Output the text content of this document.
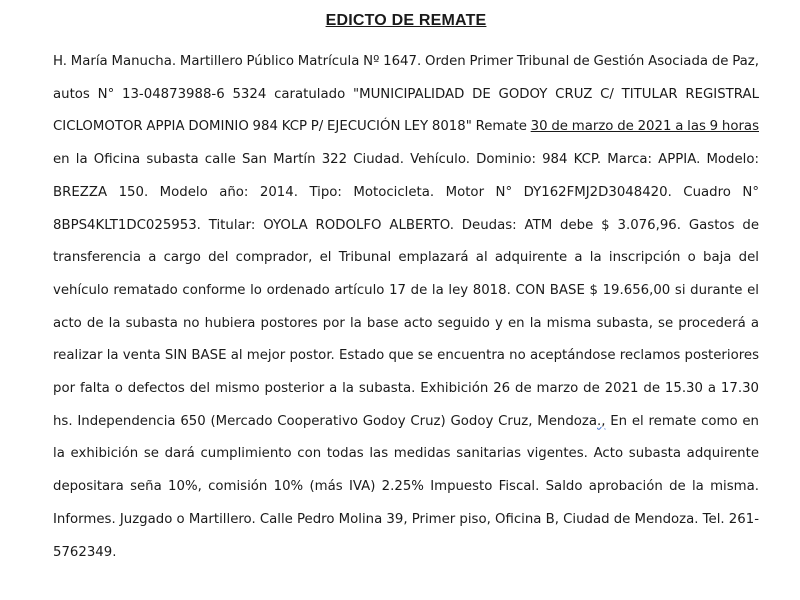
EDICTO DE REMATE

H. María Manucha. Martillero Público Matrícula Nº 1647. Orden Primer Tribunal de Gestión Asociada de Paz, autos N° 13-04873988-6 5324 caratulado "MUNICIPALIDAD DE GODOY CRUZ C/ TITULAR REGISTRAL CICLOMOTOR APPIA DOMINIO 984 KCP P/ EJECUCIÓN LEY 8018" Remate 30 de marzo de 2021 a las 9 horas en la Oficina subasta calle San Martín 322 Ciudad. Vehículo. Dominio: 984 KCP. Marca: APPIA. Modelo: BREZZA 150. Modelo año: 2014. Tipo: Motocicleta. Motor N° DY162FMJ2D3048420. Cuadro N° 8BPS4KLT1DC025953. Titular: OYOLA RODOLFO ALBERTO. Deudas: ATM debe $ 3.076,96. Gastos de transferencia a cargo del comprador, el Tribunal emplazará al adquirente a la inscripción o baja del vehículo rematado conforme lo ordenado artículo 17 de la ley 8018. CON BASE $ 19.656,00 si durante el acto de la subasta no hubiera postores por la base acto seguido y en la misma subasta, se procederá a realizar la venta SIN BASE al mejor postor. Estado que se encuentra no aceptándose reclamos posteriores por falta o defectos del mismo posterior a la subasta. Exhibición 26 de marzo de 2021 de 15.30 a 17.30 hs. Independencia 650 (Mercado Cooperativo Godoy Cruz) Godoy Cruz, Mendoza., En el remate como en la exhibición se dará cumplimiento con todas las medidas sanitarias vigentes. Acto subasta adquirente depositara seña 10%, comisión 10% (más IVA) 2.25% Impuesto Fiscal. Saldo aprobación de la misma. Informes. Juzgado o Martillero. Calle Pedro Molina 39, Primer piso, Oficina B, Ciudad de Mendoza. Tel. 261-5762349.
